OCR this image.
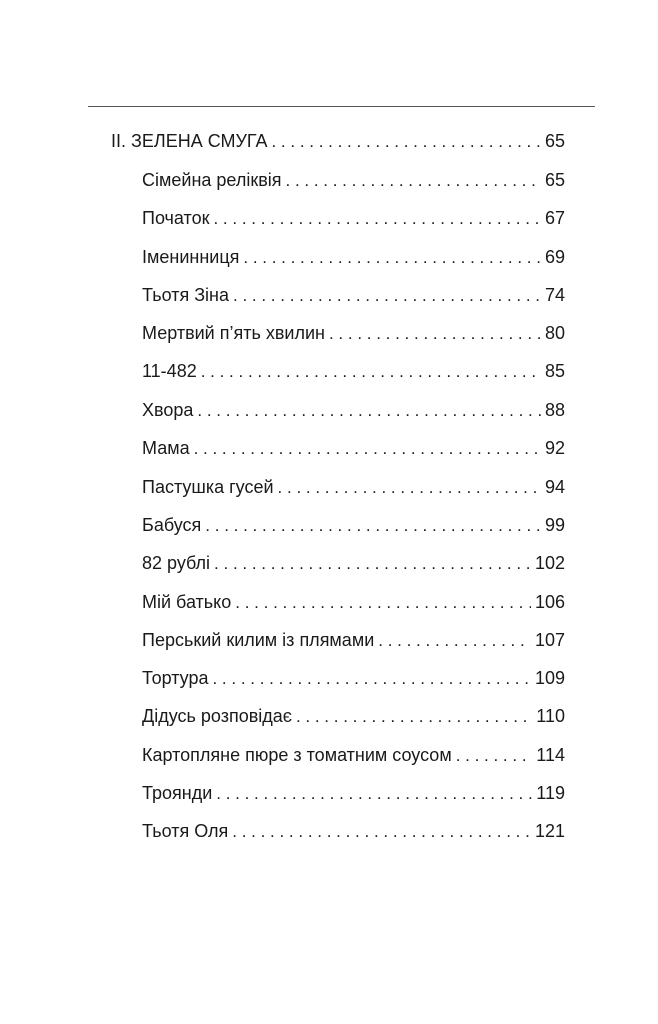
II. ЗЕЛЕНА СМУГА . . .	65
Сімейна реліквія . . .	65
Початок . . .	67
Іменинниця . . .	69
Тьотя Зіна . . .	74
Мертвий п’ять хвилин . . .	80
11-482 . . .	85
Хвора . . .	88
Мама . . .	92
Пастушка гусей . . .	94
Бабуся . . .	99
82 рублі . . .	102
Мій батько . . .	106
Перський килим із плямами . . .	107
Тортура . . .	109
Дідусь розповідає . . .	110
Картопляне пюре з томатним соусом . . .	114
Троянди . . .	119
Тьотя Оля . . .	121
